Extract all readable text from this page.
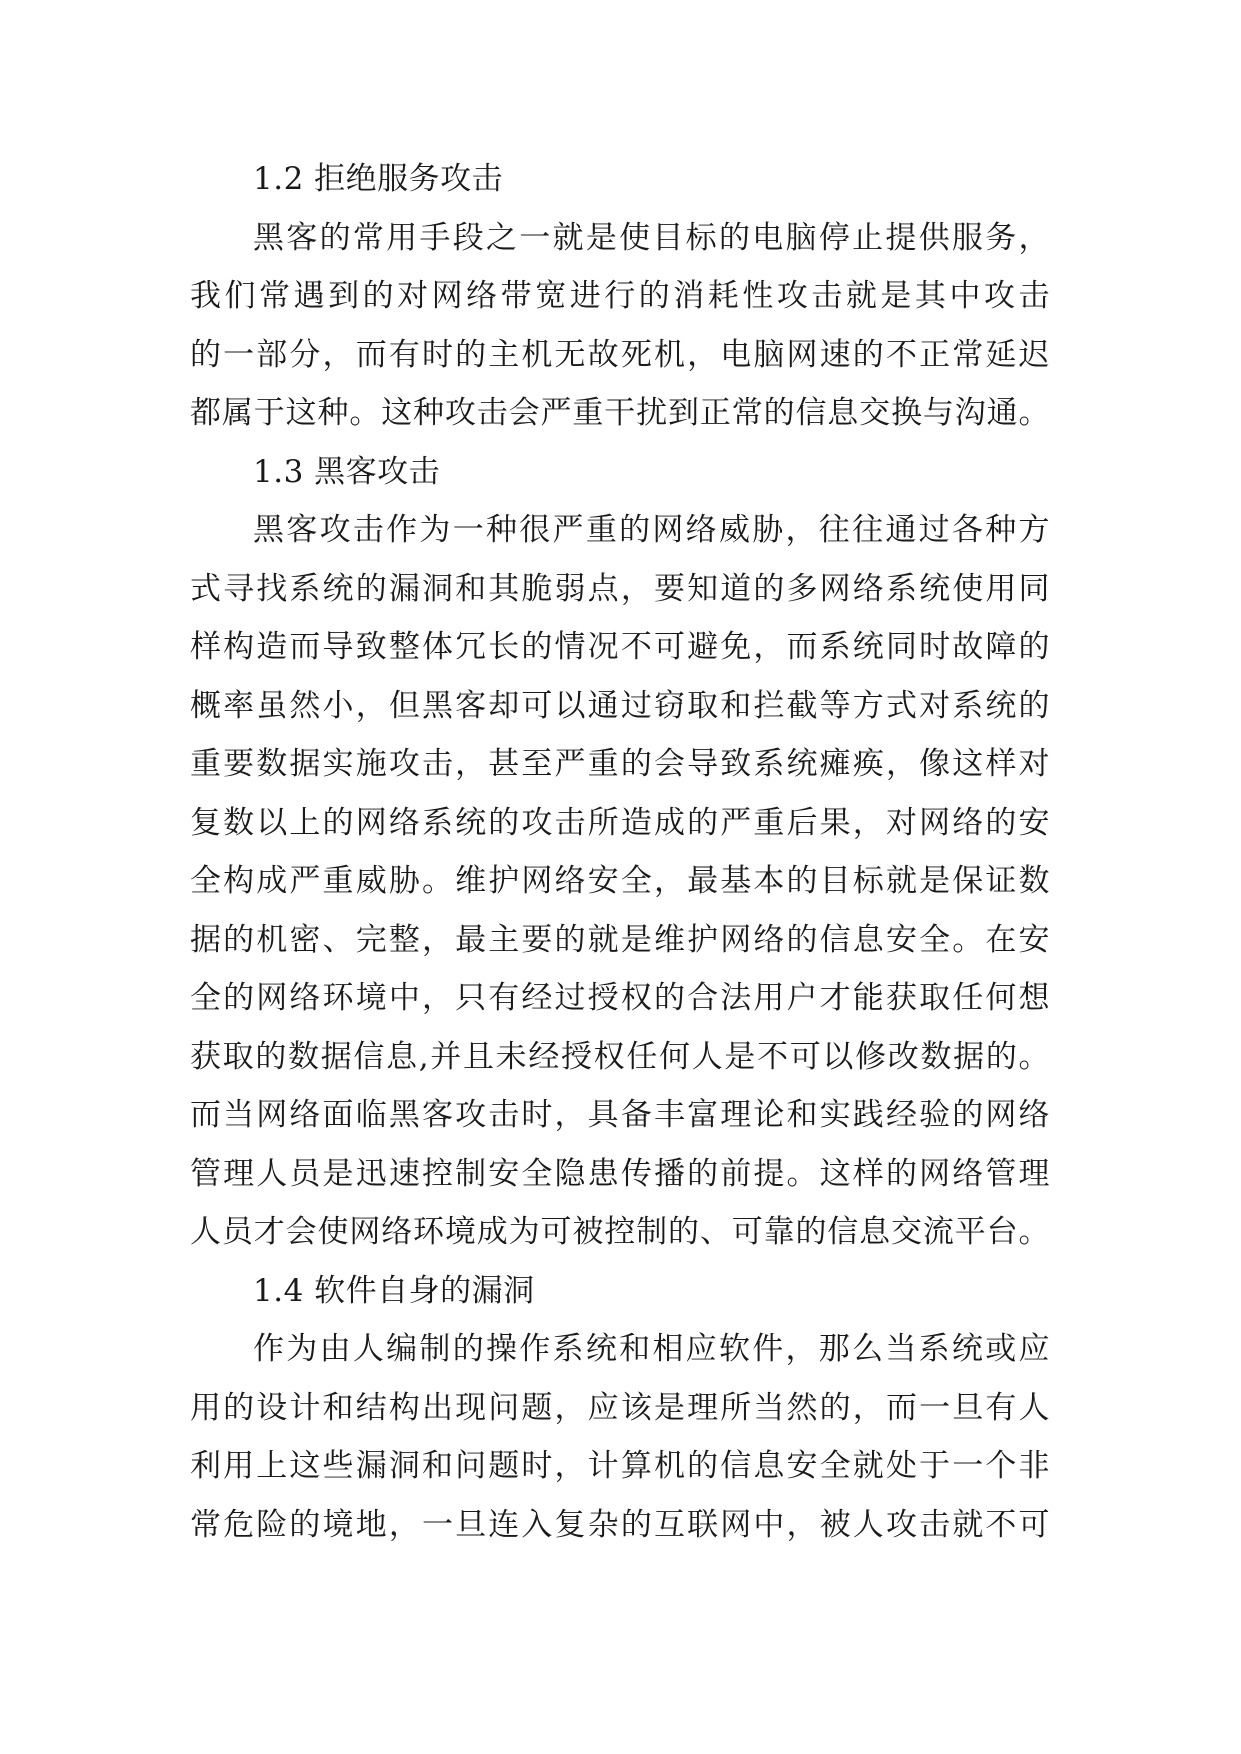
1.2 拒绝服务攻击
黑客的常用手段之一就是使目标的电脑停止提供服务，
我们常遇到的对网络带宽进行的消耗性攻击就是其中攻击
的一部分，而有时的主机无故死机，电脑网速的不正常延迟
都属于这种。这种攻击会严重干扰到正常的信息交换与沟通。
1.3 黑客攻击
黑客攻击作为一种很严重的网络威胁，往往通过各种方
式寻找系统的漏洞和其脆弱点，要知道的多网络系统使用同
样构造而导致整体冗长的情况不可避免，而系统同时故障的
概率虽然小，但黑客却可以通过窃取和拦截等方式对系统的
重要数据实施攻击，甚至严重的会导致系统瘫痪，像这样对
复数以上的网络系统的攻击所造成的严重后果，对网络的安
全构成严重威胁。维护网络安全，最基本的目标就是保证数
据的机密、完整，最主要的就是维护网络的信息安全。在安
全的网络环境中，只有经过授权的合法用户才能获取任何想
获取的数据信息,并且未经授权任何人是不可以修改数据的。
而当网络面临黑客攻击时，具备丰富理论和实践经验的网络
管理人员是迅速控制安全隐患传播的前提。这样的网络管理
人员才会使网络环境成为可被控制的、可靠的信息交流平台。
1.4 软件自身的漏洞
作为由人编制的操作系统和相应软件，那么当系统或应
用的设计和结构出现问题，应该是理所当然的，而一旦有人
利用上这些漏洞和问题时，计算机的信息安全就处于一个非
常危险的境地，一旦连入复杂的互联网中，被人攻击就不可
